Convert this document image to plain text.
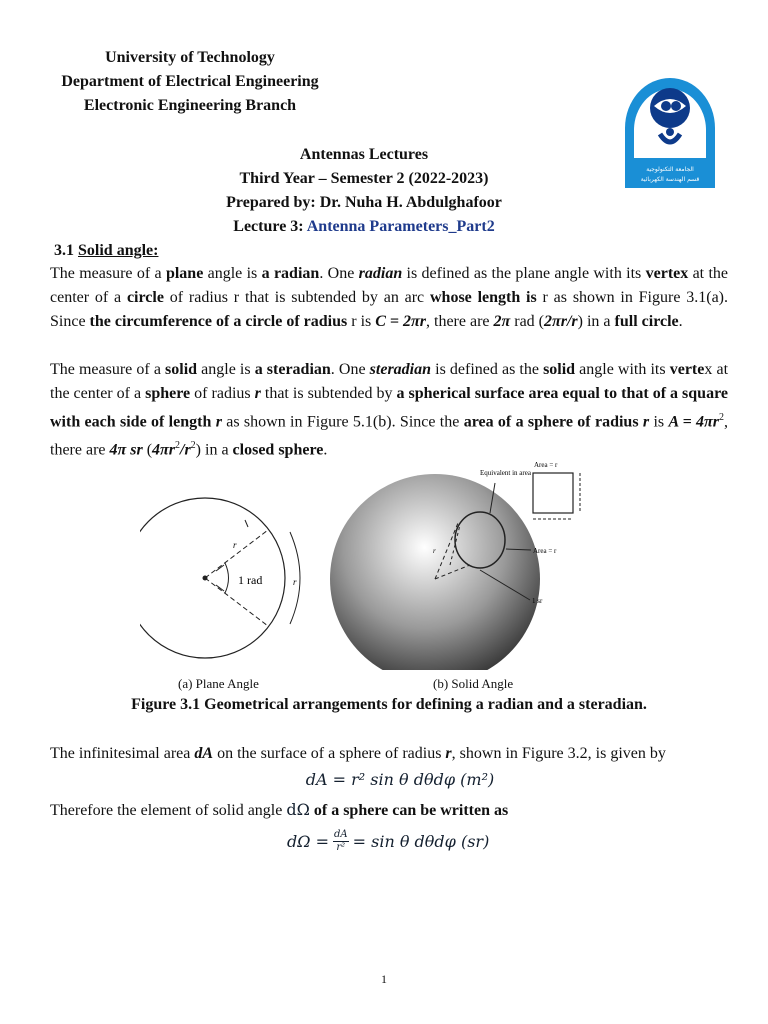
University of Technology
Department of Electrical Engineering
Electronic Engineering Branch
Antennas Lectures
Third Year – Semester 2 (2022-2023)
Prepared by: Dr. Nuha H. Abdulghafoor
Lecture 3: Antenna Parameters_Part2
الجامعة التكنولوجية
قسم الهندسة الكهربائية
3.1 Solid angle:
The measure of a plane angle is a radian. One radian is defined as the plane angle with its vertex at the center of a circle of radius r that is subtended by an arc whose length is r as shown in Figure 3.1(a). Since the circumference of a circle of radius r is C = 2πr, there are 2π rad (2πr/r) in a full circle.
The measure of a solid angle is a steradian. One steradian is defined as the solid angle with its vertex at the center of a sphere of radius r that is subtended by a spherical surface area equal to that of a square with each side of length r as shown in Figure 5.1(b). Since the area of a sphere of radius r is $A = 4\pi r^2$, there are 4π sr $(4\pi r^2/r^2)$ in a closed sphere.
1 rad
r
r
r
Equivalent in area
Area = r
Area = r
1 sr
(a) Plane Angle	(b) Solid Angle
Figure 3.1 Geometrical arrangements for defining a radian and a steradian.
The infinitesimal area dA on the surface of a sphere of radius r, shown in Figure 3.2, is given by
dA = r² sin θ dθdφ (m²)
Therefore the element of solid angle dΩ of a sphere can be written as
$d\Omega = \frac{dA}{\text{r²}} = \sin \theta$ dθdφ (sr)
1
